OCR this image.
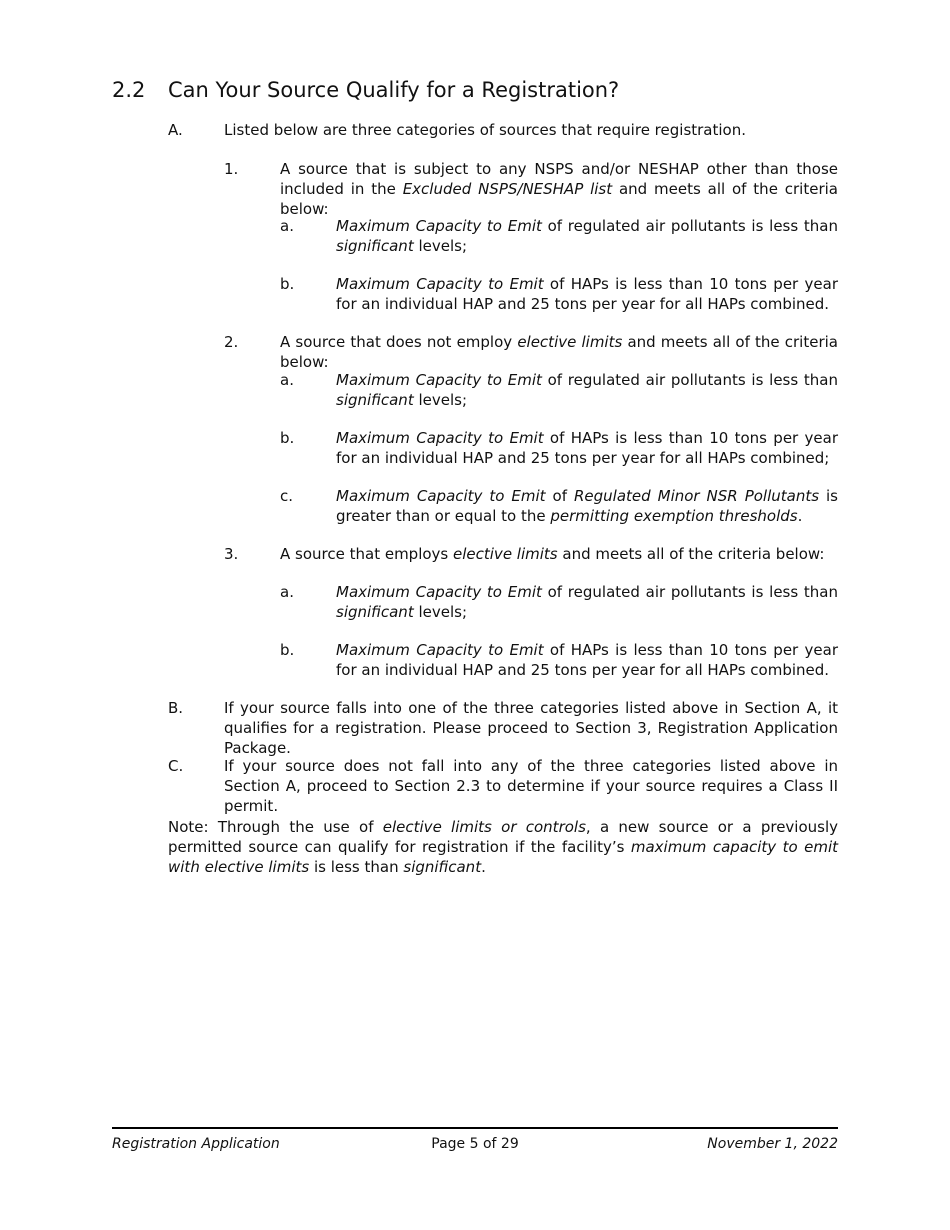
2.2 Can Your Source Qualify for a Registration?
A.	Listed below are three categories of sources that require registration.
1.	A source that is subject to any NSPS and/or NESHAP other than those included in the Excluded NSPS/NESHAP list and meets all of the criteria below:
a.	Maximum Capacity to Emit of regulated air pollutants is less than significant levels;
b.	Maximum Capacity to Emit of HAPs is less than 10 tons per year for an individual HAP and 25 tons per year for all HAPs combined.
2.	A source that does not employ elective limits and meets all of the criteria below:
a.	Maximum Capacity to Emit of regulated air pollutants is less than significant levels;
b.	Maximum Capacity to Emit of HAPs is less than 10 tons per year for an individual HAP and 25 tons per year for all HAPs combined;
c.	Maximum Capacity to Emit of Regulated Minor NSR Pollutants is greater than or equal to the permitting exemption thresholds.
3.	A source that employs elective limits and meets all of the criteria below:
a.	Maximum Capacity to Emit of regulated air pollutants is less than significant levels;
b.	Maximum Capacity to Emit of HAPs is less than 10 tons per year for an individual HAP and 25 tons per year for all HAPs combined.
B.	If your source falls into one of the three categories listed above in Section A, it qualifies for a registration. Please proceed to Section 3, Registration Application Package.
C.	If your source does not fall into any of the three categories listed above in Section A, proceed to Section 2.3 to determine if your source requires a Class II permit.
Note: Through the use of elective limits or controls, a new source or a previously permitted source can qualify for registration if the facility’s maximum capacity to emit with elective limits is less than significant.
Registration Application	Page 5 of 29	November 1, 2022
